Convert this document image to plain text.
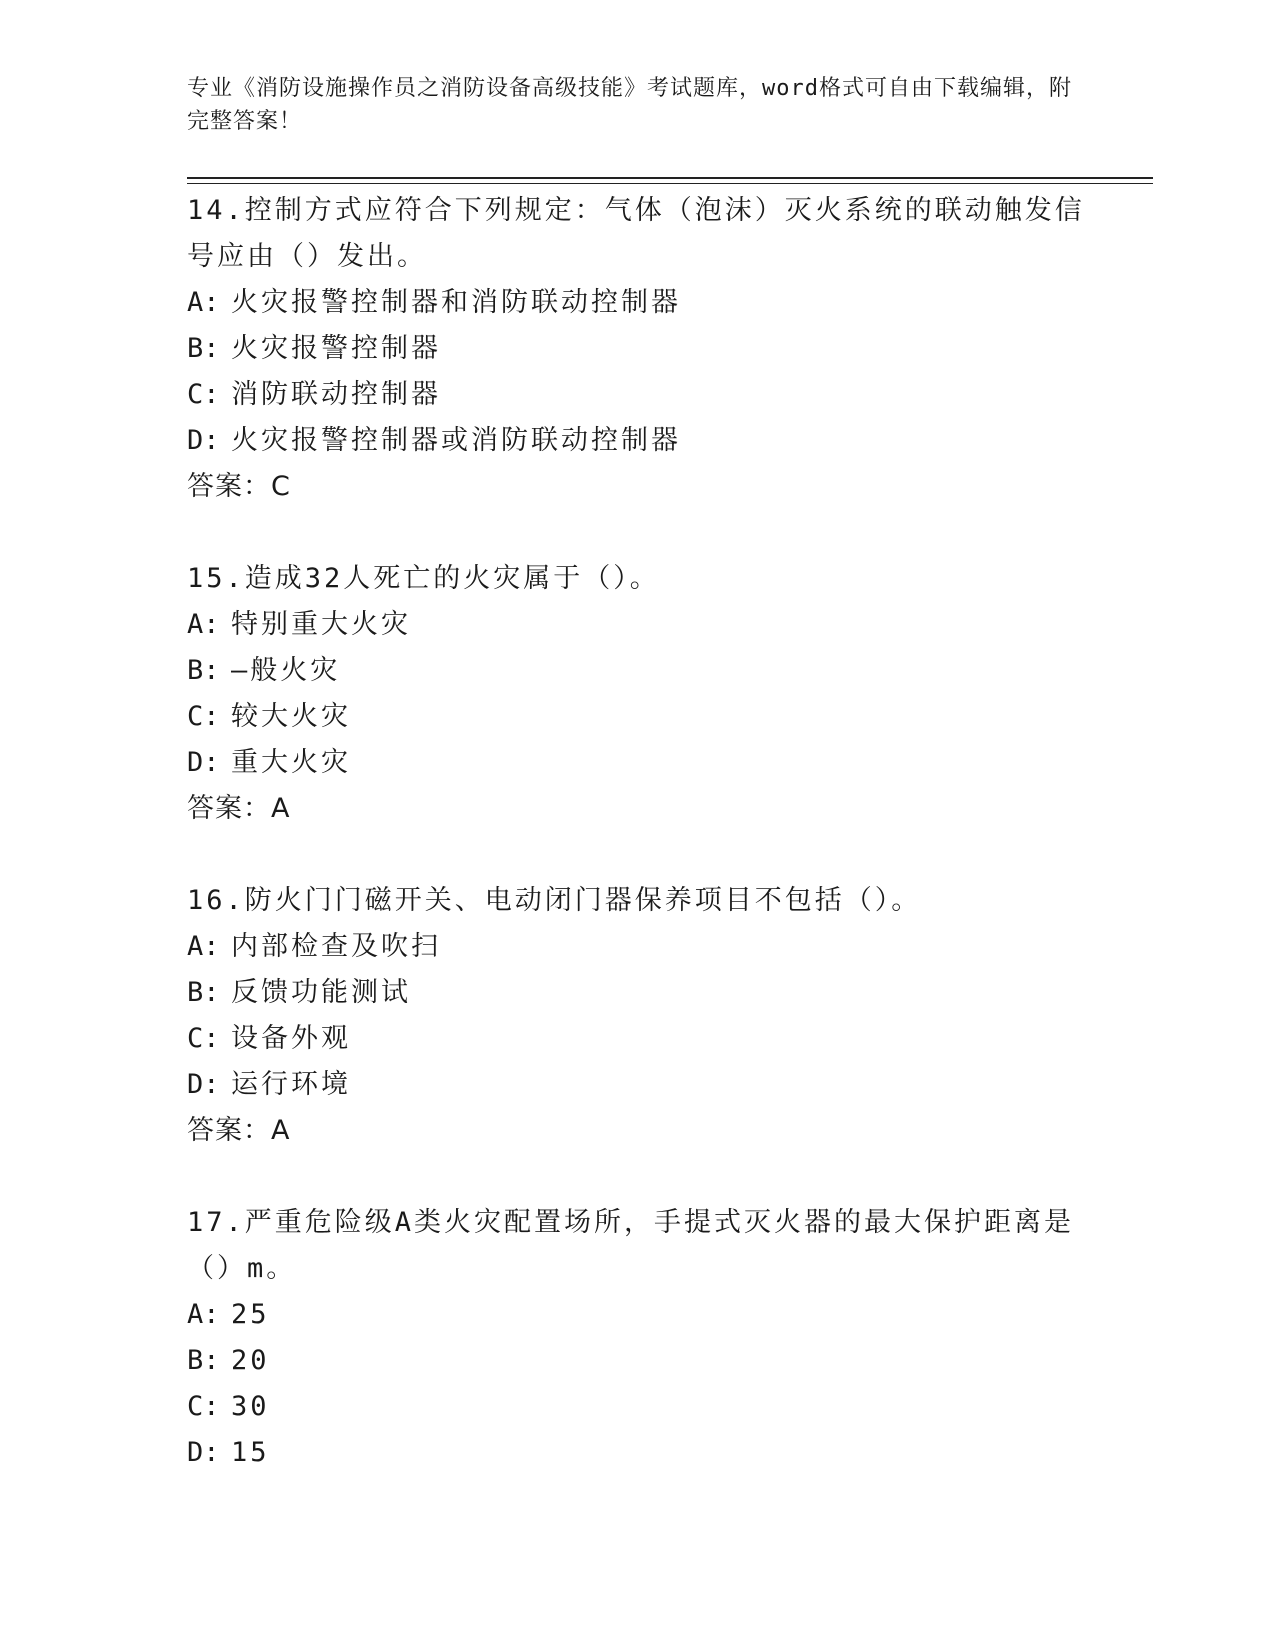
专业《消防设施操作员之消防设备高级技能》考试题库，word格式可自由下载编辑，附完整答案！

14.控制方式应符合下列规定：气体（泡沫）灭火系统的联动触发信号应由（）发出。

A: 火灾报警控制器和消防联动控制器

B: 火灾报警控制器

C: 消防联动控制器

D: 火灾报警控制器或消防联动控制器

答案：C

15.造成32人死亡的火灾属于（）。

A: 特别重大火灾

B: —般火灾

C: 较大火灾

D: 重大火灾

答案：A

16.防火门门磁开关、电动闭门器保养项目不包括（）。

A: 内部检查及吹扫

B: 反馈功能测试

C: 设备外观

D: 运行环境

答案：A

17.严重危险级A类火灾配置场所，手提式灭火器的最大保护距离是（）m。

A: 25

B: 20

C: 30

D: 15
